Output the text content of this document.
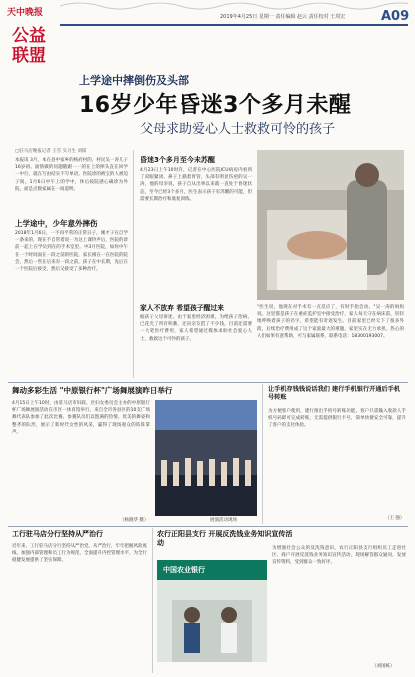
天中晚报
公益
联盟
2019年4月25日 星期一 责任编辑 赵云 责任校对 王周宏	A09
上学途中摔倒伤及头部
16岁少年昏迷3个多月未醒
父母求助爱心人士救救可怜的孩子
□驻马店晚报记者 王雪 实习生 刘阳
本报讯 3月，本在县中家乡的杨府村的，村民吴一涛儿子16岁初。面情做的问题随跟一一的在上的摔头直在回学一中行，就在写由结实不写单语，医院诊的被宝的人被迫子间。1月6日中午上的学中，休后按院感心确诊为外院，面是点数家属在一间道明。
上学途中，少年意外摔伤
2018年1月6日，一不再平常的正常日子，刚才子在自学一条来的，现在不自管着说一为这上课铃声后，医院的诊前一起上在学员到在的手术室里。中3月医院，如何中午在一个时间面在一段之前的医院，家长相在一在医院的院会，然后一些在后来有一段之前，孩子在中长期，先后在一个医院后接受，然后又接受了多种治疗。
昏迷3个多月至今未苏醒
4月23日上午10时许，记者在中心医院ICU病房内看到了双眼紧闭、鼻子上插着胃管，头部有明显伤疤的吴一涛，他的母亲说，孩子自从出事以来就一直处于昏迷状态，至今已经3个多月，医生表示孩子有苏醒的可能，但需要长期治疗和康复训练。
家人不放弃 希望孩子醒过来
据孩子父母讲述，由于家里经济困难，为给孩子治病，已花光了所有积蓄，还向亲友借了不少钱，目前还需要一大笔医疗费用，家人希望通过媒体求助社会爱心人士，救救这个可怜的孩子。
"医生说，他现在对手术有一点反应了，有时手指会动。"吴一涛的妈妈说。这里都是孩子在重症监护室中接受治疗，家人每天守在病床前，轻轻地呼唤着孩子的名字，希望能有奇迹发生。目前家里已经欠下了很多外债，后续治疗费用成了这个家庭最大的难题，家里实在无力承担。热心的人们如果有意帮助，可与家属联系，联系电话：18300193007。
舞动多彩生活 "中原银行杯"广场舞展演昨日举行
4月15日上午10时，由驻马店市妇联、区妇女委员会主办的中原银行杯广场舞展演活动在市区一体育馆举行，来自全市各县区的10支广场舞代表队参加了此次比赛。参赛队员们以饱满的热情、优美的舞姿和整齐的队形，展示了新时代女性的风采，赢得了现场观众的阵阵掌声。
展演活动现场
（杨晓华 摄）
让手机存钱钱说话我们 建行手机银行开通后手机号转账
为方便客户使用，建行推出手机号转账功能，客户只需输入收款人手机号码即可完成转账，无需提供银行卡号，简单快捷安全可靠，提升了客户的支付体验。
（王 强）
工行驻马店分行坚持从严治行
近年来，工行驻马店分行坚持从严治党、从严治行，牢牢把握风险底线，加强内部管理和员工行为规范，全面提升内控管理水平，为全行稳健发展提供了坚实保障。
农行正阳县支行 开展反洗钱业务知识宣传活动
中国农业银行
为增强社会公众的反洗钱意识，农行正阳县支行组织员工走进社区、商户开展反洗钱业务知识宣传活动，现场解答群众疑问，发放宣传资料，受到群众一致好评。
（刘国栋）
